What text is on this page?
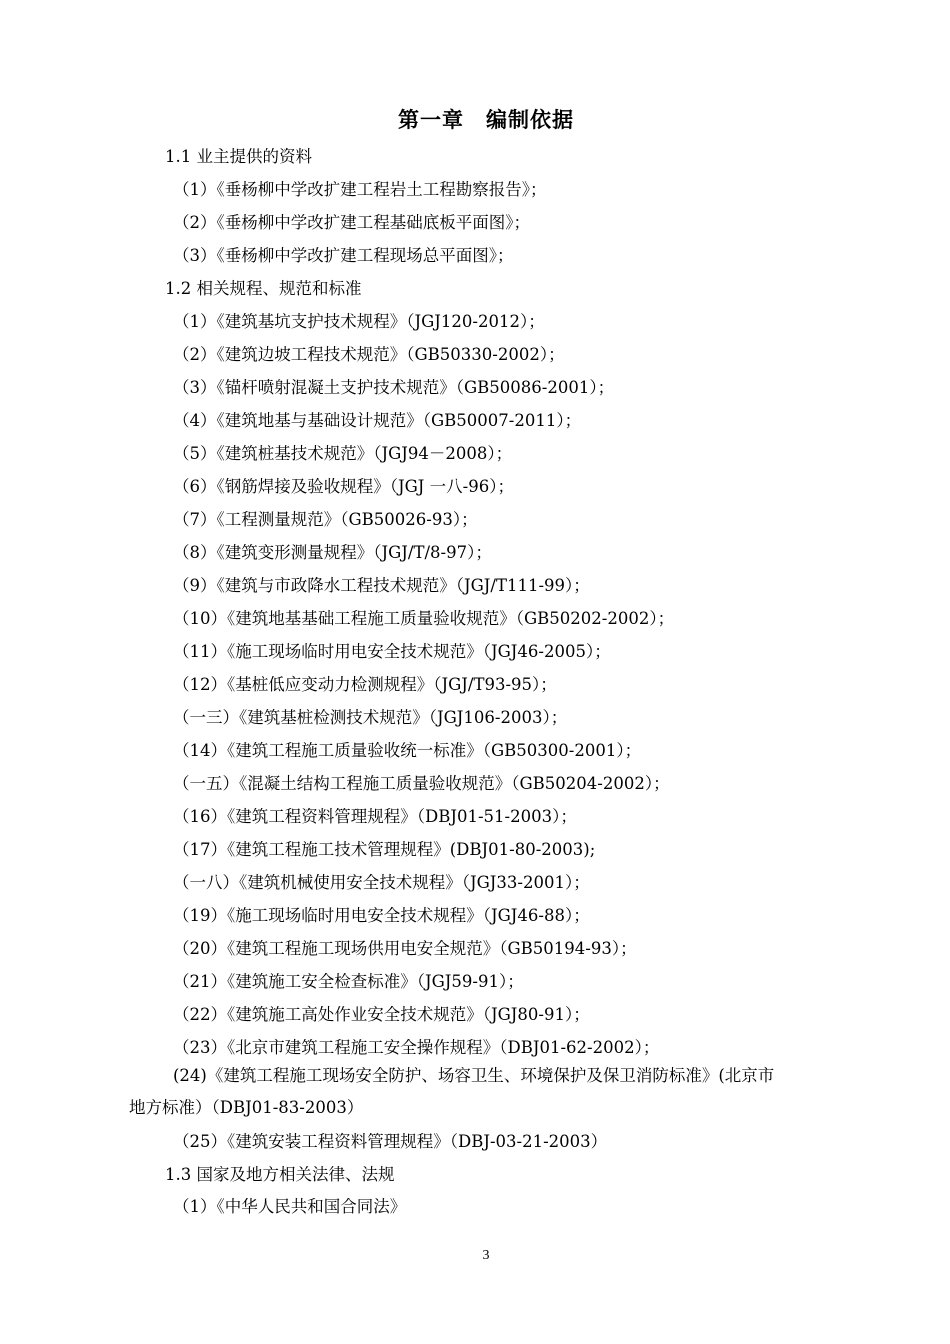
第一章　编制依据
1.1 业主提供的资料
（1）《垂杨柳中学改扩建工程岩土工程勘察报告》；
（2）《垂杨柳中学改扩建工程基础底板平面图》；
（3）《垂杨柳中学改扩建工程现场总平面图》；
1.2 相关规程、规范和标准
（1）《建筑基坑支护技术规程》（JGJ120-2012）；
（2）《建筑边坡工程技术规范》（GB50330-2002）；
（3）《锚杆喷射混凝土支护技术规范》（GB50086-2001）；
（4）《建筑地基与基础设计规范》（GB50007-2011）；
（5）《建筑桩基技术规范》（JGJ94－2008）；
（6）《钢筋焊接及验收规程》（JGJ 一八-96）；
（7）《工程测量规范》（GB50026-93）；
（8）《建筑变形测量规程》（JGJ/T/8-97）；
（9）《建筑与市政降水工程技术规范》（JGJ/T111-99）；
（10）《建筑地基基础工程施工质量验收规范》（GB50202-2002）；
（11）《施工现场临时用电安全技术规范》（JGJ46-2005）；
（12）《基桩低应变动力检测规程》（JGJ/T93-95）；
（一三）《建筑基桩检测技术规范》（JGJ106-2003）；
（14）《建筑工程施工质量验收统一标准》（GB50300-2001）；
（一五）《混凝土结构工程施工质量验收规范》（GB50204-2002）；
（16）《建筑工程资料管理规程》（DBJ01-51-2003）；
（17）《建筑工程施工技术管理规程》(DBJ01-80-2003);
（一八）《建筑机械使用安全技术规程》（JGJ33-2001）；
（19）《施工现场临时用电安全技术规程》（JGJ46-88）；
（20）《建筑工程施工现场供用电安全规范》（GB50194-93）；
（21）《建筑施工安全检查标准》（JGJ59-91）；
（22）《建筑施工高处作业安全技术规范》（JGJ80-91）；
（23）《北京市建筑工程施工安全操作规程》（DBJ01-62-2002）；
(24)《建筑工程施工现场安全防护、场容卫生、环境保护及保卫消防标准》(北京市
地方标准）（DBJ01-83-2003）
（25）《建筑安装工程资料管理规程》（DBJ-03-21-2003）
1.3 国家及地方相关法律、法规
（1）《中华人民共和国合同法》
3
